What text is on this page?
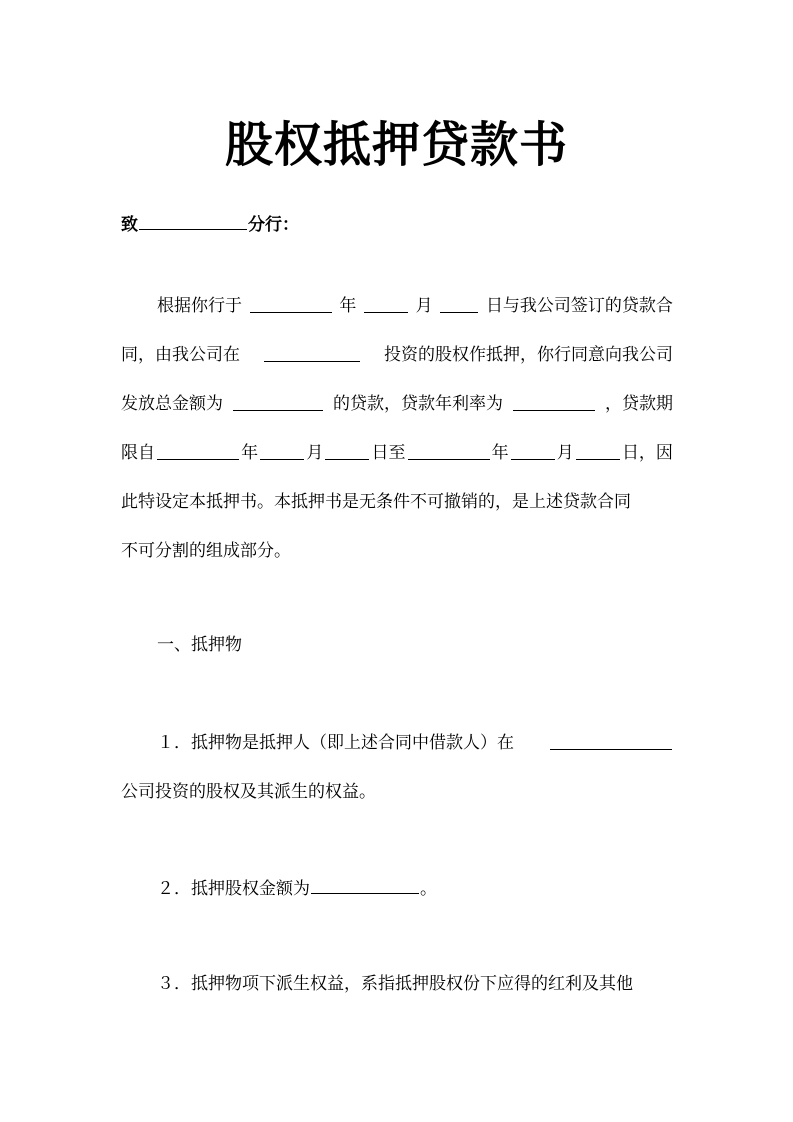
股权抵押贷款书
致	分行：
根据你行于	年	月	日与我公司签订的贷款合
同，由我公司在	投资的股权作抵押，你行同意向我公司
发放总金额为	的贷款，贷款年利率为	，贷款期
限自	年	月	日至	年	月	日，因
此特设定本抵押书。本抵押书是无条件不可撤销的，是上述贷款合同
不可分割的组成部分。
一、抵押物
１．抵押物是抵押人（即上述合同中借款人）在
公司投资的股权及其派生的权益。
２．抵押股权金额为	。
３．抵押物项下派生权益，系指抵押股权份下应得的红利及其他
